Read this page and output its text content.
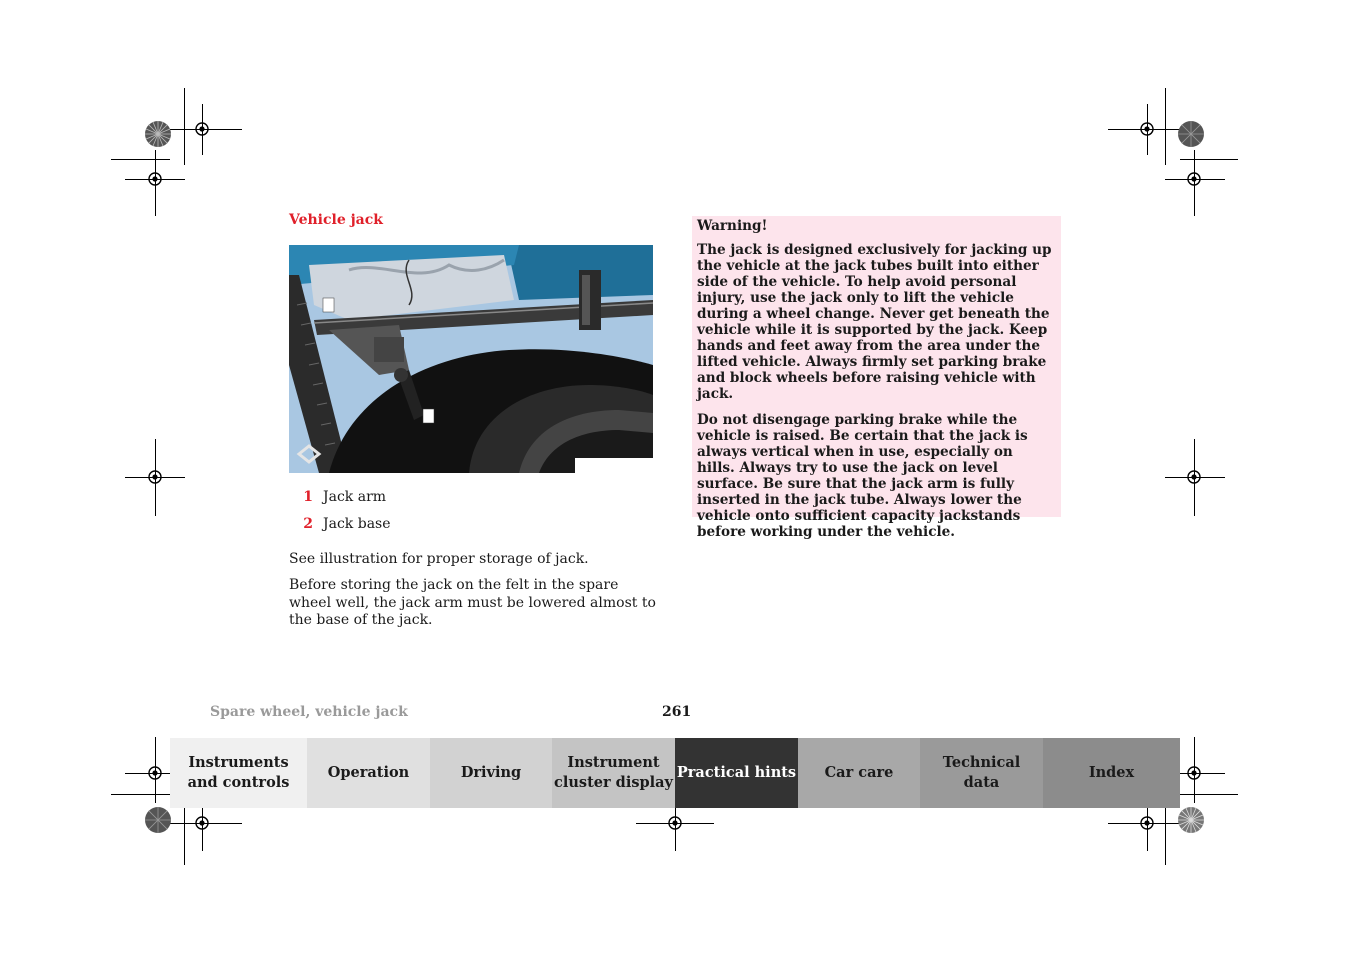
Vehicle jack
1 Jack arm
2 Jack base
See illustration for proper storage of jack.
Before storing the jack on the felt in the spare wheel well, the jack arm must be lowered almost to the base of the jack.

Warning!

The jack is designed exclusively for jacking up the vehicle at the jack tubes built into either side of the vehicle. To help avoid personal injury, use the jack only to lift the vehicle during a wheel change. Never get beneath the vehicle while it is supported by the jack. Keep hands and feet away from the area under the lifted vehicle. Always firmly set parking brake and block wheels before raising vehicle with jack.

Do not disengage parking brake while the vehicle is raised. Be certain that the jack is always vertical when in use, especially on hills. Always try to use the jack on level surface. Be sure that the jack arm is fully inserted in the jack tube. Always lower the vehicle onto sufficient capacity jackstands before working under the vehicle.

Spare wheel, vehicle jack	261
Instruments
and controls
Operation	Driving
Instrument
cluster display
Practical hints Car care
Technical
data
Index
